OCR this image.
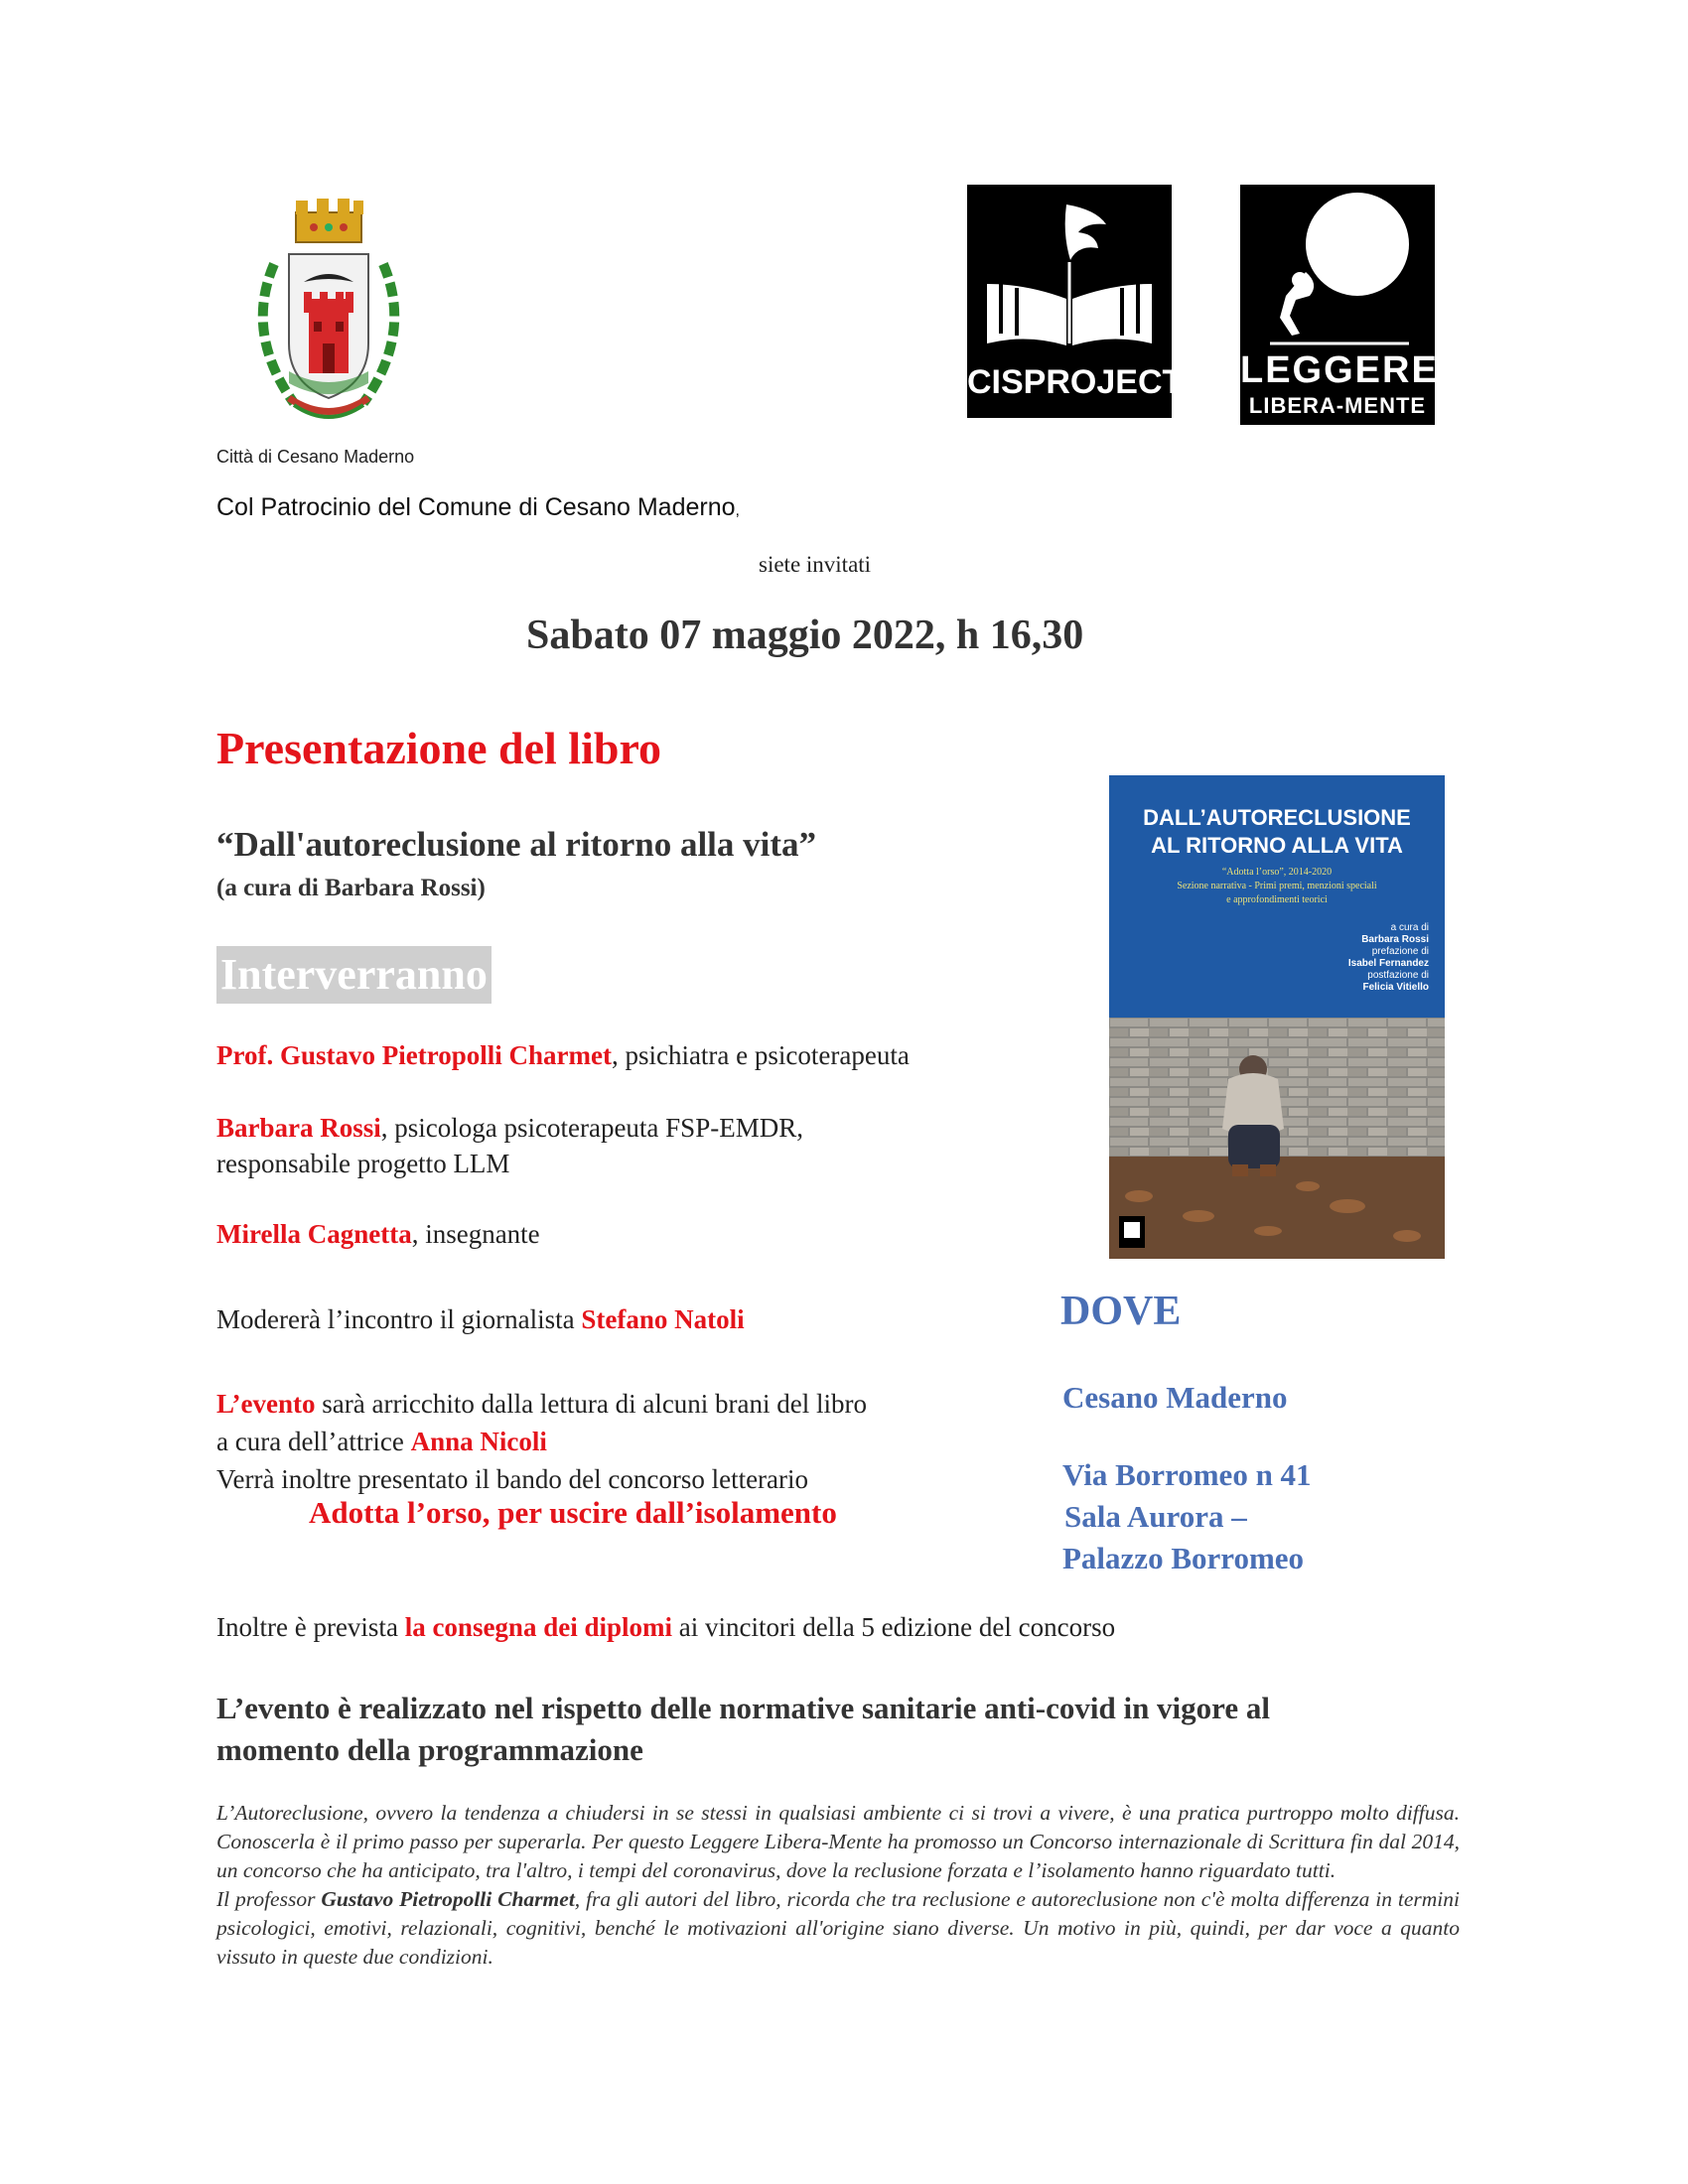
Città di Cesano Maderno
CISPROJECT LEGGERE
LIBERA-MENTE
Col Patrocinio del Comune di Cesano Maderno,
siete invitati
Sabato 07 maggio 2022, h 16,30
Presentazione del libro
“Dall'autoreclusione al ritorno alla vita”
(a cura di Barbara Rossi)
Interverranno
Prof. Gustavo Pietropolli Charmet, psichiatra e psicoterapeuta
Barbara Rossi, psicologa psicoterapeuta FSP-EMDR,
responsabile progetto LLM
Mirella Cagnetta, insegnante
Modererà l’incontro il giornalista Stefano Natoli
L’evento sarà arricchito dalla lettura di alcuni brani del libro
a cura dell’attrice Anna Nicoli
Verrà inoltre presentato il bando del concorso letterario
Adotta l’orso, per uscire dall’isolamento
DOVE
Cesano Maderno
Via Borromeo n 41
Sala Aurora –
Palazzo Borromeo
DALL’AUTORECLUSIONE
AL RITORNO ALLA VITA
“Adotta l’orso”, 2014-2020
Sezione narrativa - Primi premi, menzioni speciali
e approfondimenti teorici
a cura di
Barbara Rossi
prefazione di
Isabel Fernandez
postfazione di
Felicia Vitiello
Inoltre è prevista la consegna dei diplomi ai vincitori della 5 edizione del concorso
L’evento è realizzato nel rispetto delle normative sanitarie anti-covid in vigore al
momento della programmazione
L’Autoreclusione, ovvero la tendenza a chiudersi in se stessi in qualsiasi ambiente ci si trovi a vivere, è una pratica purtroppo molto diffusa. Conoscerla è il primo passo per superarla. Per questo Leggere Libera-Mente ha promosso un Concorso internazionale di Scrittura fin dal 2014, un concorso che ha anticipato, tra l'altro, i tempi del coronavirus, dove la reclusione forzata e l’isolamento hanno riguardato tutti.
Il professor Gustavo Pietropolli Charmet, fra gli autori del libro, ricorda che tra reclusione e autoreclusione non c'è molta differenza in termini psicologici, emotivi, relazionali, cognitivi, benché le motivazioni all'origine siano diverse. Un motivo in più, quindi, per dar voce a quanto vissuto in queste due condizioni.
